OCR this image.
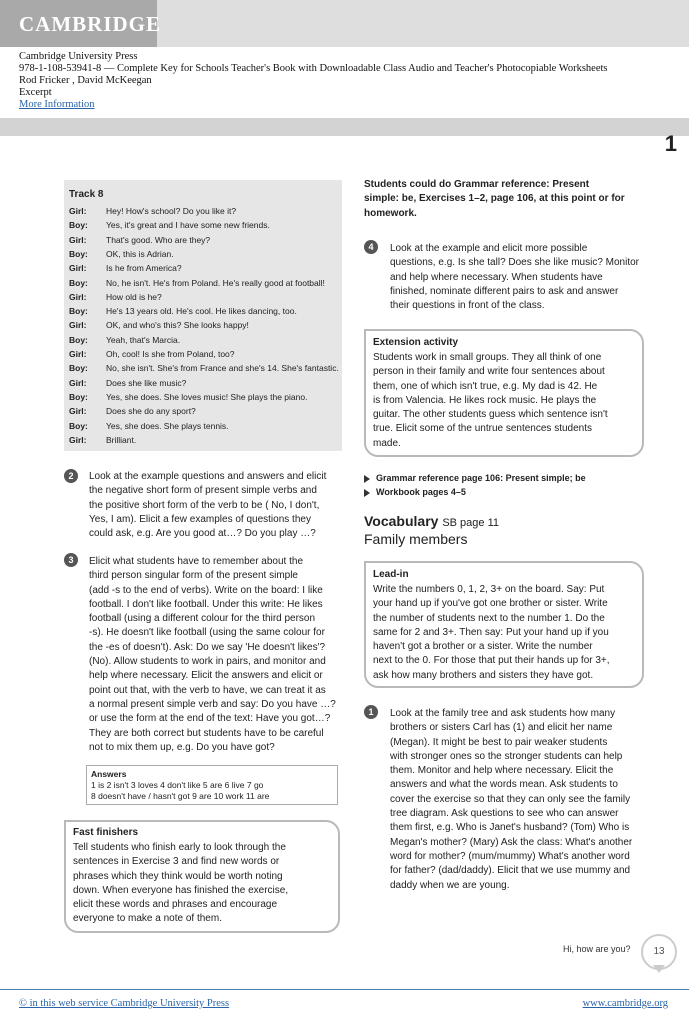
CAMBRIDGE
Cambridge University Press
978-1-108-53941-8 — Complete Key for Schools Teacher's Book with Downloadable Class Audio and Teacher's Photocopiable Worksheets
Rod Fricker , David McKeegan
Excerpt
More Information
1
Track 8
Girl:	Hey! How's school? Do you like it?
Boy:	Yes, it's great and I have some new friends.
Girl:	That's good. Who are they?
Boy:	OK, this is Adrian.
Girl:	Is he from America?
Boy:	No, he isn't. He's from Poland. He's really good at football!
Girl:	How old is he?
Boy:	He's 13 years old. He's cool. He likes dancing, too.
Girl:	OK, and who's this? She looks happy!
Boy:	Yeah, that's Marcia.
Girl:	Oh, cool! Is she from Poland, too?
Boy:	No, she isn't. She's from France and she's 14. She's fantastic.
Girl:	Does she like music?
Boy:	Yes, she does. She loves music! She plays the piano.
Girl:	Does she do any sport?
Boy:	Yes, she does. She plays tennis.
Girl:	Brilliant.
2	Look at the example questions and answers and elicit
the negative short form of present simple verbs and
the positive short form of the verb to be ( No, I don't,
Yes, I am). Elicit a few examples of questions they
could ask, e.g. Are you good at…? Do you play …?
3	Elicit what students have to remember about the
third person singular form of the present simple
(add -s to the end of verbs). Write on the board: I like
football. I don't like football. Under this write: He likes
football (using a different colour for the third person
-s). He doesn't like football (using the same colour for
the -es of doesn't). Ask: Do we say 'He doesn't likes'?
(No). Allow students to work in pairs, and monitor and
help where necessary. Elicit the answers and elicit or
point out that, with the verb to have, we can treat it as
a normal present simple verb and say: Do you have …?
or use the form at the end of the text: Have you got…?
They are both correct but students have to be careful
not to mix them up, e.g. Do you have got?
Answers
1 is 2 isn't 3 loves 4 don't like 5 are 6 live 7 go
8 doesn't have / hasn't got 9 are 10 work 11 are
Fast finishers
Tell students who finish early to look through the
sentences in Exercise 3 and find new words or
phrases which they think would be worth noting
down. When everyone has finished the exercise,
elicit these words and phrases and encourage
everyone to make a note of them.
Students could do Grammar reference: Present
simple: be, Exercises 1–2, page 106, at this point or for
homework.
4	Look at the example and elicit more possible
questions, e.g. Is she tall? Does she like music? Monitor
and help where necessary. When students have
finished, nominate different pairs to ask and answer
their questions in front of the class.
Extension activity
Students work in small groups. They all think of one
person in their family and write four sentences about
them, one of which isn't true, e.g. My dad is 42. He
is from Valencia. He likes rock music. He plays the
guitar. The other students guess which sentence isn't
true. Elicit some of the untrue sentences students
made.
Grammar reference page 106: Present simple; be
Workbook pages 4–5
Vocabulary SB page 11
Family members
Lead-in
Write the numbers 0, 1, 2, 3+ on the board. Say: Put
your hand up if you've got one brother or sister. Write
the number of students next to the number 1. Do the
same for 2 and 3+. Then say: Put your hand up if you
haven't got a brother or a sister. Write the number
next to the 0. For those that put their hands up for 3+,
ask how many brothers and sisters they have got.
1	Look at the family tree and ask students how many
brothers or sisters Carl has (1) and elicit her name
(Megan). It might be best to pair weaker students
with stronger ones so the stronger students can help
them. Monitor and help where necessary. Elicit the
answers and what the words mean. Ask students to
cover the exercise so that they can only see the family
tree diagram. Ask questions to see who can answer
them first, e.g. Who is Janet's husband? (Tom) Who is
Megan's mother? (Mary) Ask the class: What's another
word for mother? (mum/mummy) What's another word
for father? (dad/daddy). Elicit that we use mummy and
daddy when we are young.
Hi, how are you?	13
© in this web service Cambridge University Press	www.cambridge.org
